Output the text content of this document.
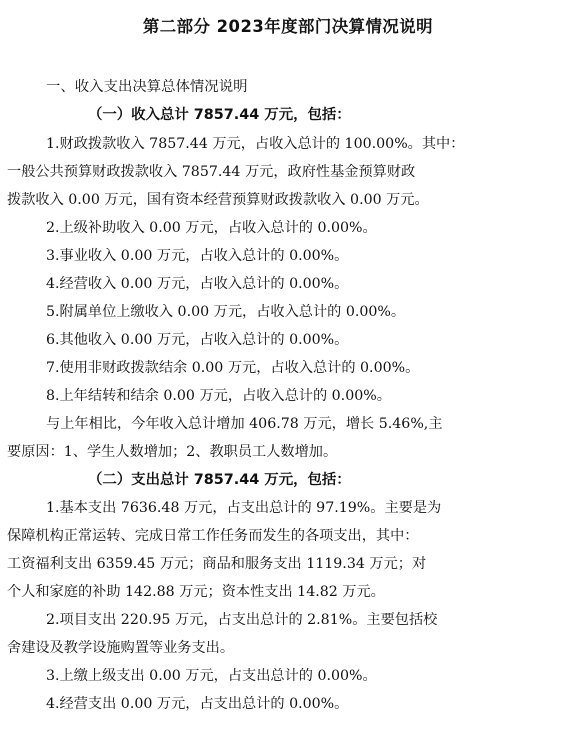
第二部分 2023年度部门决算情况说明
一、收入支出决算总体情况说明
（一）收入总计 7857.44 万元，包括：
1.财政拨款收入 7857.44 万元，占收入总计的 100.00%。其中：
一般公共预算财政拨款收入 7857.44 万元，政府性基金预算财政
拨款收入 0.00 万元，国有资本经营预算财政拨款收入 0.00 万元。
2.上级补助收入 0.00 万元，占收入总计的 0.00%。
3.事业收入 0.00 万元，占收入总计的 0.00%。
4.经营收入 0.00 万元，占收入总计的 0.00%。
5.附属单位上缴收入 0.00 万元，占收入总计的 0.00%。
6.其他收入 0.00 万元，占收入总计的 0.00%。
7.使用非财政拨款结余 0.00 万元，占收入总计的 0.00%。
8.上年结转和结余 0.00 万元，占收入总计的 0.00%。
与上年相比，今年收入总计增加 406.78 万元，增长 5.46%,主
要原因：1、学生人数增加；2、教职员工人数增加。
（二）支出总计 7857.44 万元，包括：
1.基本支出 7636.48 万元，占支出总计的 97.19%。主要是为
保障机构正常运转、完成日常工作任务而发生的各项支出，其中：
工资福利支出 6359.45 万元；商品和服务支出 1119.34 万元；对
个人和家庭的补助 142.88 万元；资本性支出 14.82 万元。
2.项目支出 220.95 万元，占支出总计的 2.81%。主要包括校
舍建设及教学设施购置等业务支出。
3.上缴上级支出 0.00 万元，占支出总计的 0.00%。
4.经营支出 0.00 万元，占支出总计的 0.00%。
